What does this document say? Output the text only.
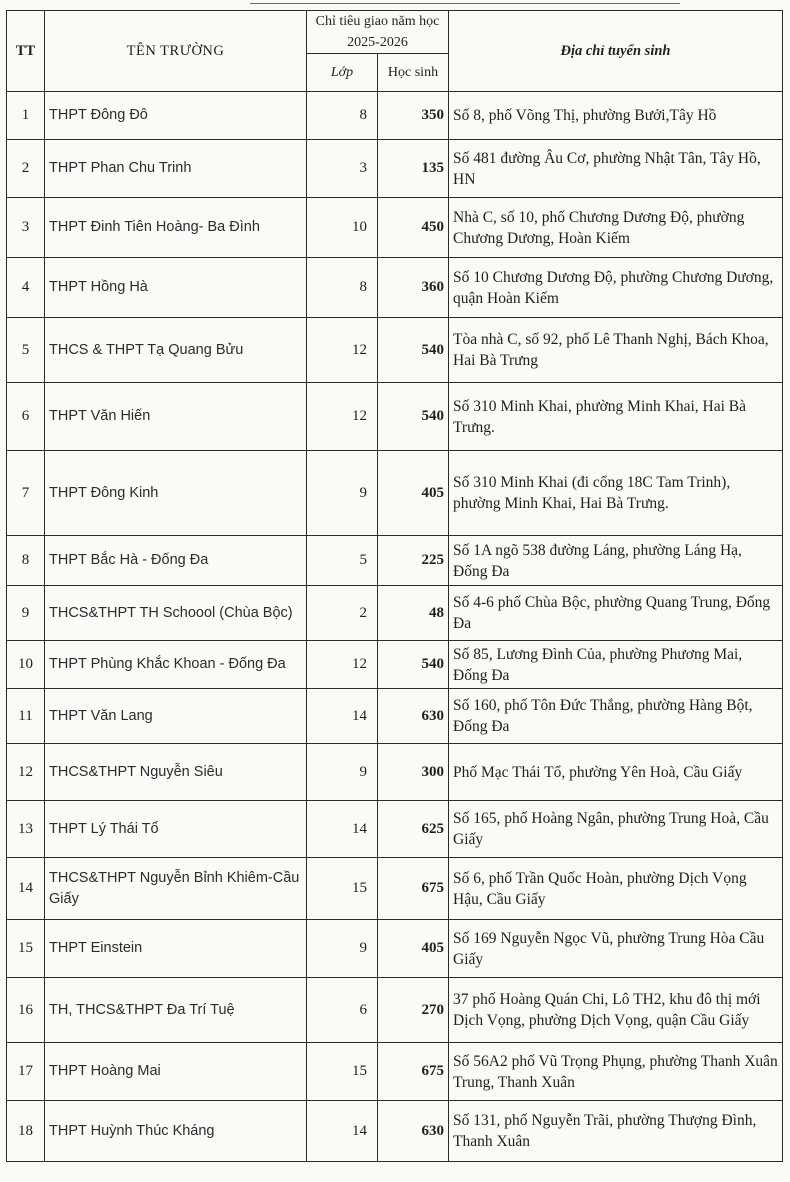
TT	TÊN TRƯỜNG	Chỉ tiêu giao năm học 2025-2026		Địa chỉ tuyển sinh
		Lớp	Học sinh	
1	THPT Đông Đô	8	350	Số 8, phố Võng Thị, phường Bưởi,Tây Hồ
2	THPT Phan Chu Trinh	3	135	Số 481 đường Âu Cơ, phường Nhật Tân, Tây Hồ, HN
3	THPT Đinh Tiên Hoàng- Ba Đình	10	450	Nhà C, số 10, phố Chương Dương Độ, phường Chương Dương, Hoàn Kiếm
4	THPT Hồng Hà	8	360	Số 10 Chương Dương Độ, phường Chương Dương, quận Hoàn Kiếm
5	THCS & THPT Tạ Quang Bửu	12	540	Tòa nhà C, số 92, phố Lê Thanh Nghị, Bách Khoa, Hai Bà Trưng
6	THPT Văn Hiến	12	540	Số 310 Minh Khai, phường Minh Khai, Hai Bà Trưng.
7	THPT Đông Kinh	9	405	Số 310 Minh Khai (đi cổng 18C Tam Trinh), phường Minh Khai, Hai Bà Trưng.
8	THPT Bắc Hà - Đống Đa	5	225	Số 1A ngõ 538 đường Láng, phường Láng Hạ, Đống Đa
9	THCS&THPT TH Schoool (Chùa Bộc)	2	48	Số 4-6 phố Chùa Bộc, phường Quang Trung, Đống Đa
10	THPT Phùng Khắc Khoan - Đống Đa	12	540	Số 85, Lương Đình Của, phường Phương Mai, Đống Đa
11	THPT Văn Lang	14	630	Số 160, phố Tôn Đức Thắng, phường Hàng Bột, Đống Đa
12	THCS&THPT Nguyễn Siêu	9	300	Phố Mạc Thái Tổ, phường Yên Hoà, Cầu Giấy
13	THPT Lý Thái Tổ	14	625	Số 165, phố Hoàng Ngân, phường Trung Hoà, Cầu Giấy
14	THCS&THPT Nguyễn Bỉnh Khiêm-Cầu Giấy	15	675	Số 6, phố Trần Quốc Hoàn, phường Dịch Vọng Hậu, Cầu Giấy
15	THPT Einstein	9	405	Số 169 Nguyễn Ngọc Vũ, phường Trung Hòa Cầu Giấy
16	TH, THCS&THPT Đa Trí Tuệ	6	270	37 phố Hoàng Quán Chi, Lô TH2, khu đô thị mới Dịch Vọng, phường Dịch Vọng, quận Cầu Giấy
17	THPT Hoàng Mai	15	675	Số 56A2 phố Vũ Trọng Phụng, phường Thanh Xuân Trung, Thanh Xuân
18	THPT Huỳnh Thúc Kháng	14	630	Số 131, phố Nguyễn Trãi, phường Thượng Đình, Thanh Xuân
